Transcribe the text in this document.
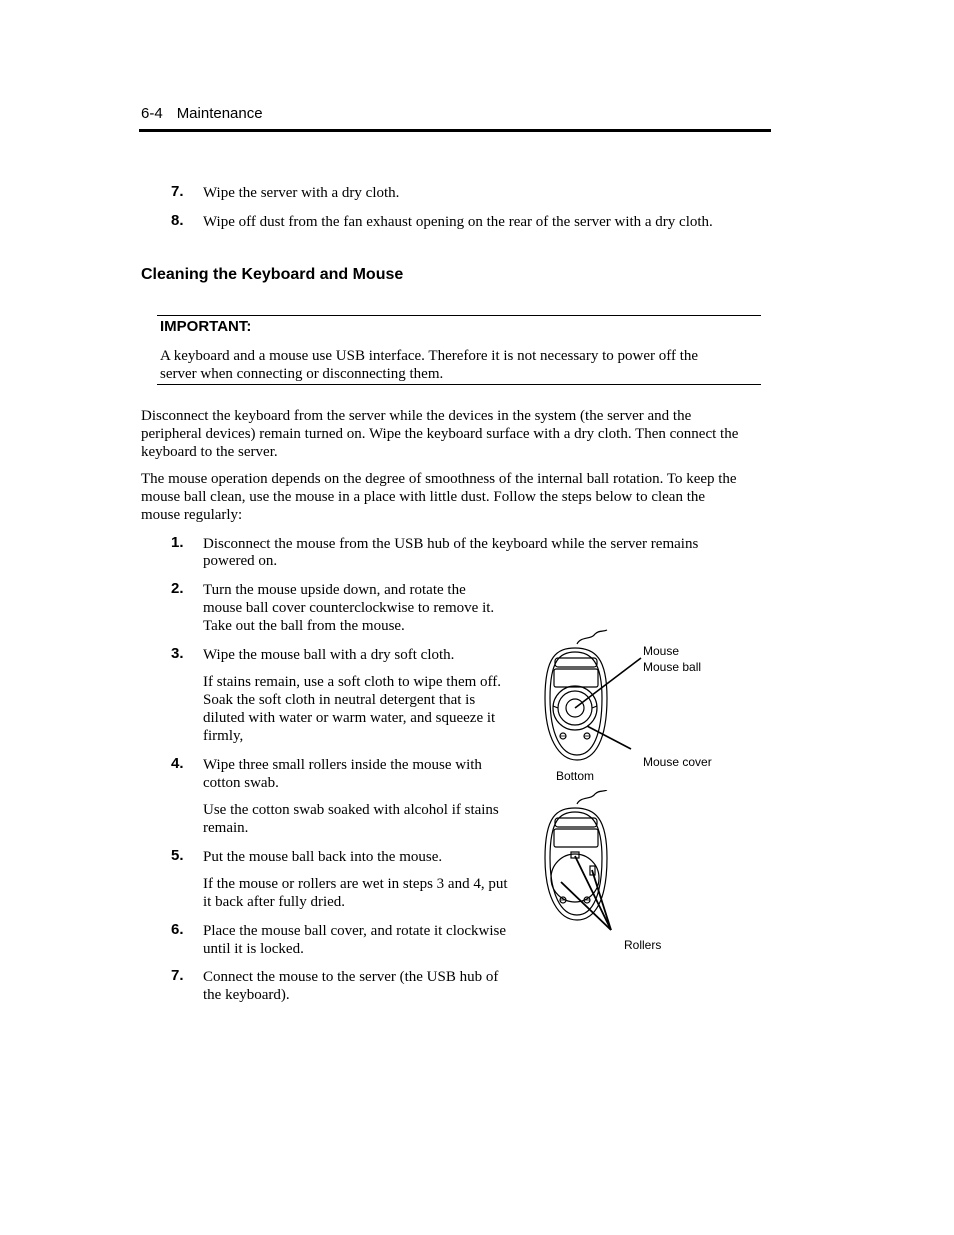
6-4 Maintenance
7. Wipe the server with a dry cloth.
8. Wipe off dust from the fan exhaust opening on the rear of the server with a dry cloth.
Cleaning the Keyboard and Mouse
IMPORTANT:
A keyboard and a mouse use USB interface. Therefore it is not necessary to power off the
server when connecting or disconnecting them.
Disconnect the keyboard from the server while the devices in the system (the server and the
peripheral devices) remain turned on. Wipe the keyboard surface with a dry cloth. Then connect the
keyboard to the server.
The mouse operation depends on the degree of smoothness of the internal ball rotation. To keep the
mouse ball clean, use the mouse in a place with little dust. Follow the steps below to clean the
mouse regularly:
1. Disconnect the mouse from the USB hub of the keyboard while the server remains
powered on.
2. Turn the mouse upside down, and rotate the
mouse ball cover counterclockwise to remove it.
Take out the ball from the mouse.
3. Wipe the mouse ball with a dry soft cloth.
If stains remain, use a soft cloth to wipe them off.
Soak the soft cloth in neutral detergent that is
diluted with water or warm water, and squeeze it
firmly,
4. Wipe three small rollers inside the mouse with
cotton swab.
Use the cotton swab soaked with alcohol if stains
remain.
5. Put the mouse ball back into the mouse.
If the mouse or rollers are wet in steps 3 and 4, put
it back after fully dried.
6. Place the mouse ball cover, and rotate it clockwise
until it is locked.
7. Connect the mouse to the server (the USB hub of
the keyboard).
Mouse
Mouse ball
Mouse cover
Bottom
Rollers
